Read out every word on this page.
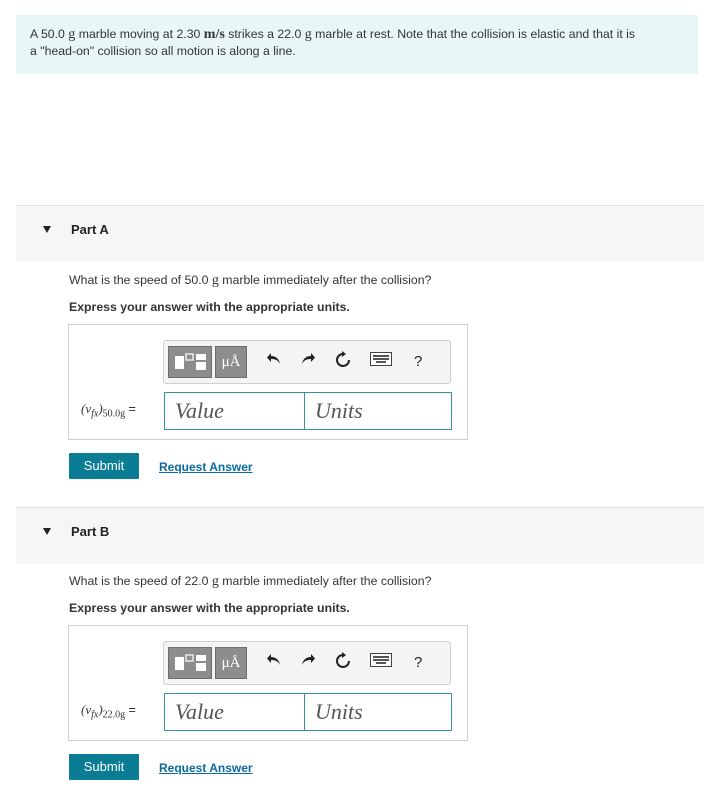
A 50.0 g marble moving at 2.30 m/s strikes a 22.0 g marble at rest. Note that the collision is elastic and that it is
a "head-on" collision so all motion is along a line.
Part A
What is the speed of 50.0 g marble immediately after the collision?
Express your answer with the appropriate units.
μÅ	?
$(v_{fx})_{50.0g}$ =	Value	Units
Submit	Request Answer
Part B
What is the speed of 22.0 g marble immediately after the collision?
Express your answer with the appropriate units.
μÅ	?
$(v_{fx})_{22.0g}$ =	Value	Units
Submit	Request Answer
